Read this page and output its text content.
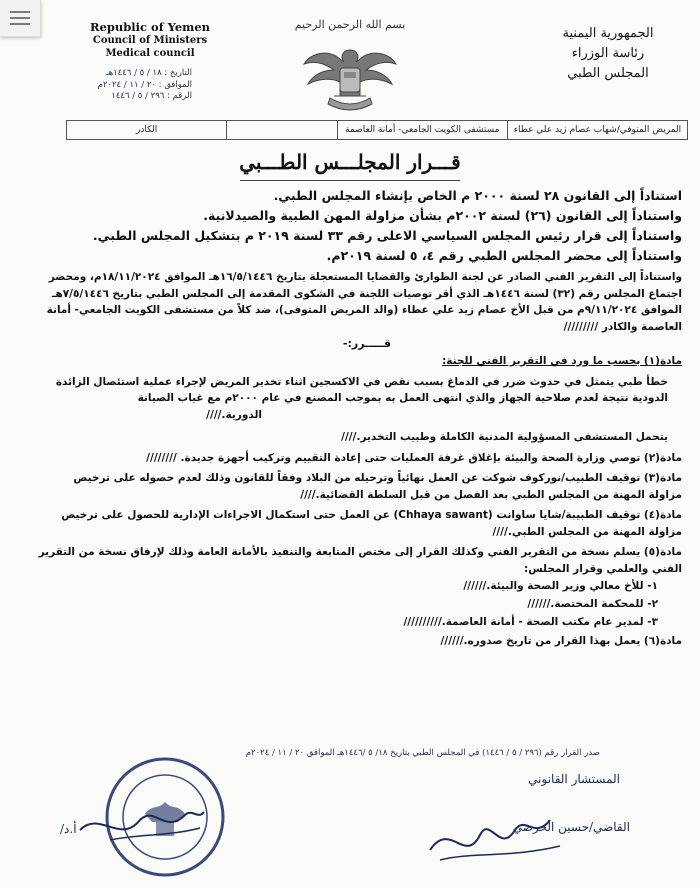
Republic of Yemen
Council of Ministers
Medical council
التاريخ : ١٨ / ٥ / ١٤٤٦هـ
الموافق : ٢٠ / ١١ / ٢٠٢٤م
الرقم : ٢٩٦ / ٥ / ١٤٤٦
بسم الله الرحمن الرحيم
الجمهورية اليمنية
رئاسة الوزراء
المجلس الطبي
المريض المتوفي/شهاب عصام زيد علي عطاء
مستشفى الكويت الجامعي- أمانة العاصمة
الكادر
قـــرار المجلـــس الطـــبي

استناداً إلى القانون ٢٨ لسنة ٢٠٠٠ م الخاص بإنشاء المجلس الطبي.

واستناداً إلى القانون (٢٦) لسنة ٢٠٠٢م بشأن مزاولة المهن الطبية والصيدلانية.

واستناداً إلى قرار رئيس المجلس السياسي الاعلى رقم ٣٣ لسنة ٢٠١٩ م بتشكيل المجلس الطبي.

واستناداً إلى محضر المجلس الطبي رقم ٤، ٥ لسنة ٢٠١٩م.

واستناداً إلى التقرير الفني الصادر عن لجنة الطوارئ والقضايا المستعجلة بتاريخ ١٦/٥/١٤٤٦هـ الموافق ١٨/١١/٢٠٢٤م، ومحضر

اجتماع المجلس رقم (٣٢) لسنة ١٤٤٦هـ الذي أقر توصيات اللجنة في الشكوى المقدمة إلى المجلس الطبي بتاريخ ٧/٥/١٤٤٦هـ

الموافق ٩/١١/٢٠٢٤م من قبل الأخ عصام زيد علي عطاء (والد المريض المتوفى)، ضد كلاً من مستشفى الكويت الجامعي- أمانة

العاصمة والكادر /////////

قـــــرر:-

مادة(١) بحسب ما ورد في التقرير الفني للجنة:

خطأ طبي يتمثل في حدوث ضرر في الدماغ بسبب نقص في الاكسجين اثناء تخدير المريض لإجراء عملية استئصال الزائدة

الدودية نتيجة لعدم صلاحية الجهاز والذي انتهى العمل به بموجب المصنع في عام ٢٠٠٠م مع غياب الصيانة

الدورية.////

يتحمل المستشفى المسؤولية المدنية الكاملة وطبيب التخدير.////

مادة(٢) توصي وزارة الصحة والبيئة بإغلاق غرفة العمليات حتى إعادة التقييم وتركيب أجهزة جديدة. ////////

مادة(٣) توقيف الطبيب/نوركوف شوكت عن العمل نهائياً وترحيله من البلاد وفقاً للقانون وذلك لعدم حصوله على ترخيص

مزاولة المهنة من المجلس الطبي بعد الفصل من قبل السلطة القضائية.////

مادة(٤) توقيف الطبيبة/شايا ساوانت (Chhaya sawant) عن العمل حتى استكمال الاجراءات الإدارية للحصول على ترخيص

مزاولة المهنة من المجلس الطبي.////

مادة(٥) يسلم نسخة من التقرير الفني وكذلك القرار إلى مختص المتابعة والتنفيذ بالأمانة العامة وذلك لإرفاق نسخة من التقرير

الفني والعلمي وقرار المجلس:

١- للأخ معالي وزير الصحة والبيئة.//////

٢- للمحكمة المختصة.//////

٣- لمدير عام مكتب الصحة - أمانة العاصمة.//////////

مادة(٦) يعمل بهذا القرار من تاريخ صدوره.//////

صدر القرار رقم (٢٩٦ / ٥ / ١٤٤٦) في المجلس الطبي بتاريخ ١٨/ ٥ /١٤٤٦هـ الموافق ٢٠ / ١١ / ٢٠٢٤م
المستشار القانوني
القاضي/حسين الحرضي
أ.د/
